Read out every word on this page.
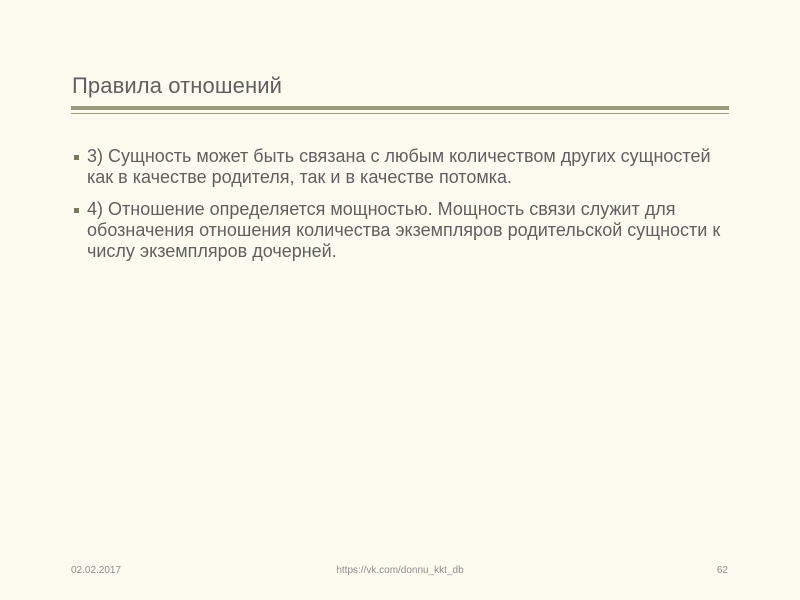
Правила отношений
3) Сущность может быть связана с любым количеством других сущностей как в качестве родителя, так и в качестве потомка.
4) Отношение определяется мощностью. Мощность связи служит для обозначения отношения количества экземпляров родительской сущности к числу экземпляров дочерней.
02.02.2017	https://vk.com/donnu_kkt_db	62
